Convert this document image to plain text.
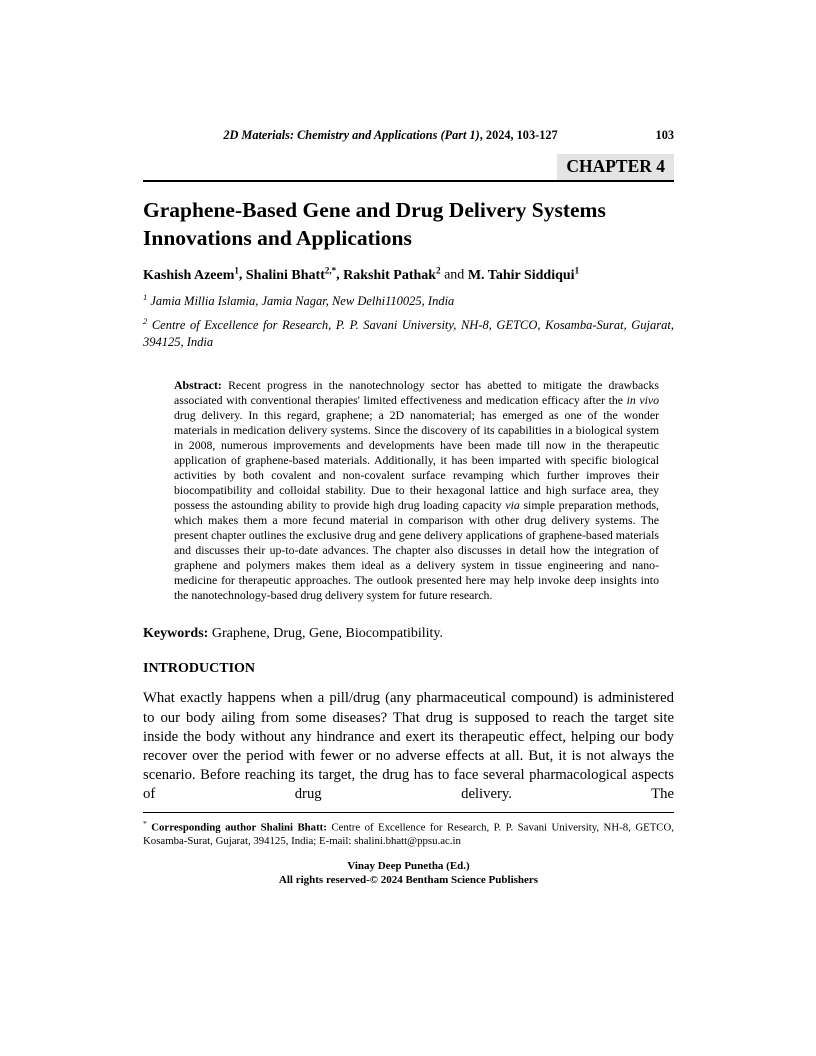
2D Materials: Chemistry and Applications (Part 1), 2024, 103-127	103
CHAPTER 4
Graphene-Based Gene and Drug Delivery Systems Innovations and Applications
Kashish Azeem$^1$, Shalini Bhatt$^{2,*}$, Rakshit Pathak$^2$ and M. Tahir Siddiqui$^1$

$^1$ Jamia Millia Islamia, Jamia Nagar, New Delhi110025, India

$^2$ Centre of Excellence for Research, P. P. Savani University, NH-8, GETCO, Kosamba-Surat, Gujarat, 394125, India

Abstract: Recent progress in the nanotechnology sector has abetted to mitigate the drawbacks associated with conventional therapies' limited effectiveness and medication efficacy after the in vivo drug delivery. In this regard, graphene; a 2D nanomaterial; has emerged as one of the wonder materials in medication delivery systems. Since the discovery of its capabilities in a biological system in 2008, numerous improvements and developments have been made till now in the therapeutic application of graphene-based materials. Additionally, it has been imparted with specific biological activities by both covalent and non-covalent surface revamping which further improves their biocompatibility and colloidal stability. Due to their hexagonal lattice and high surface area, they possess the astounding ability to provide high drug loading capacity via simple preparation methods, which makes them a more fecund material in comparison with other drug delivery systems. The present chapter outlines the exclusive drug and gene delivery applications of graphene-based materials and discusses their up-to-date advances. The chapter also discusses in detail how the integration of graphene and polymers makes them ideal as a delivery system in tissue engineering and nano-medicine for therapeutic approaches. The outlook presented here may help invoke deep insights into the nanotechnology-based drug delivery system for future research.

Keywords: Graphene, Drug, Gene, Biocompatibility.

INTRODUCTION

What exactly happens when a pill/drug (any pharmaceutical compound) is administered to our body ailing from some diseases? That drug is supposed to reach the target site inside the body without any hindrance and exert its therapeutic effect, helping our body recover over the period with fewer or no adverse effects at all. But, it is not always the scenario. Before reaching its target, the drug has to face several pharmacological aspects of drug delivery. The

* Corresponding author Shalini Bhatt: Centre of Excellence for Research, P. P. Savani University, NH-8, GETCO, Kosamba-Surat, Gujarat, 394125, India; E-mail: shalini.bhatt@ppsu.ac.in

Vinay Deep Punetha (Ed.)

All rights reserved-© 2024 Bentham Science Publishers
